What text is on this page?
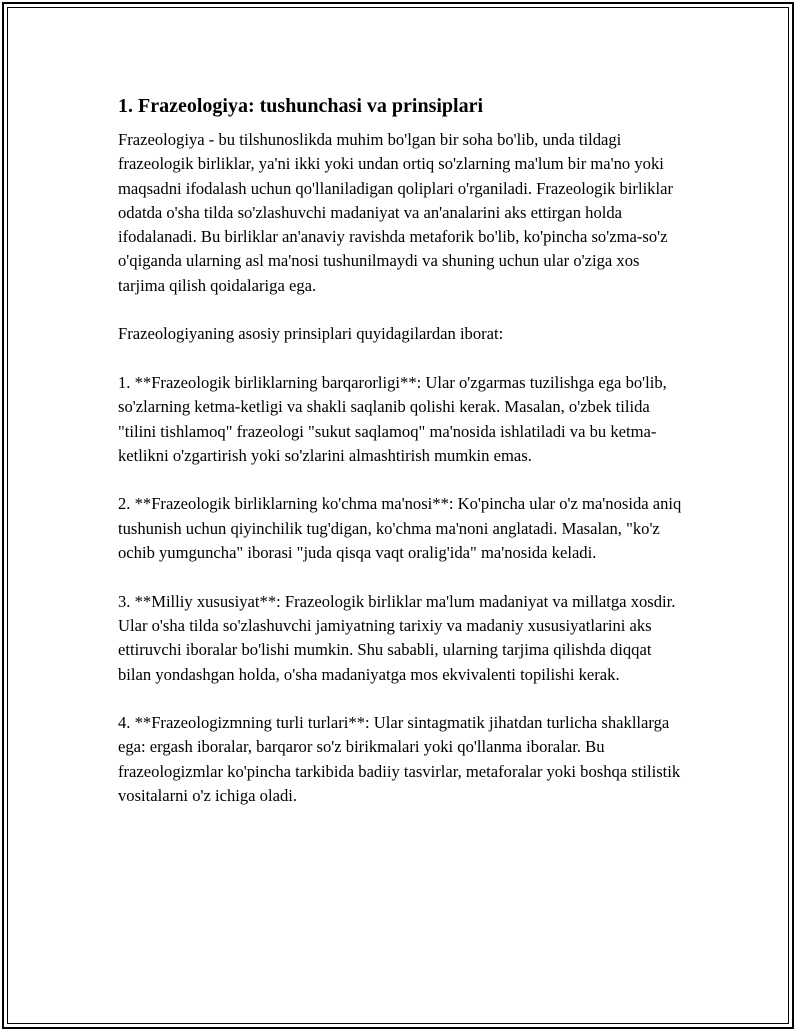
1. Frazeologiya: tushunchasi va prinsiplari

Frazeologiya - bu tilshunoslikda muhim bo'lgan bir soha bo'lib, unda tildagi frazeologik birliklar, ya'ni ikki yoki undan ortiq so'zlarning ma'lum bir ma'no yoki maqsadni ifodalash uchun qo'llaniladigan qoliplari o'rganiladi. Frazeologik birliklar odatda o'sha tilda so'zlashuvchi madaniyat va an'analarini aks ettirgan holda ifodalanadi. Bu birliklar an'anaviy ravishda metaforik bo'lib, ko'pincha so'zma-so'z o'qiganda ularning asl ma'nosi tushunilmaydi va shuning uchun ular o'ziga xos tarjima qilish qoidalariga ega.

Frazeologiyaning asosiy prinsiplari quyidagilardan iborat:

1. **Frazeologik birliklarning barqarorligi**: Ular o'zgarmas tuzilishga ega bo'lib, so'zlarning ketma-ketligi va shakli saqlanib qolishi kerak. Masalan, o'zbek tilida "tilini tishlamoq" frazeologi "sukut saqlamoq" ma'nosida ishlatiladi va bu ketma-ketlikni o'zgartirish yoki so'zlarini almashtirish mumkin emas.

2. **Frazeologik birliklarning ko'chma ma'nosi**: Ko'pincha ular o'z ma'nosida aniq tushunish uchun qiyinchilik tug'digan, ko'chma ma'noni anglatadi. Masalan, "ko'z ochib yumguncha" iborasi "juda qisqa vaqt oralig'ida" ma'nosida keladi.

3. **Milliy xususiyat**: Frazeologik birliklar ma'lum madaniyat va millatga xosdir. Ular o'sha tilda so'zlashuvchi jamiyatning tarixiy va madaniy xususiyatlarini aks ettiruvchi iboralar bo'lishi mumkin. Shu sababli, ularning tarjima qilishda diqqat bilan yondashgan holda, o'sha madaniyatga mos ekvivalenti topilishi kerak.

4. **Frazeologizmning turli turlari**: Ular sintagmatik jihatdan turlicha shakllarga ega: ergash iboralar, barqaror so'z birikmalari yoki qo'llanma iboralar. Bu frazeologizmlar ko'pincha tarkibida badiiy tasvirlar, metaforalar yoki boshqa stilistik vositalarni o'z ichiga oladi.
